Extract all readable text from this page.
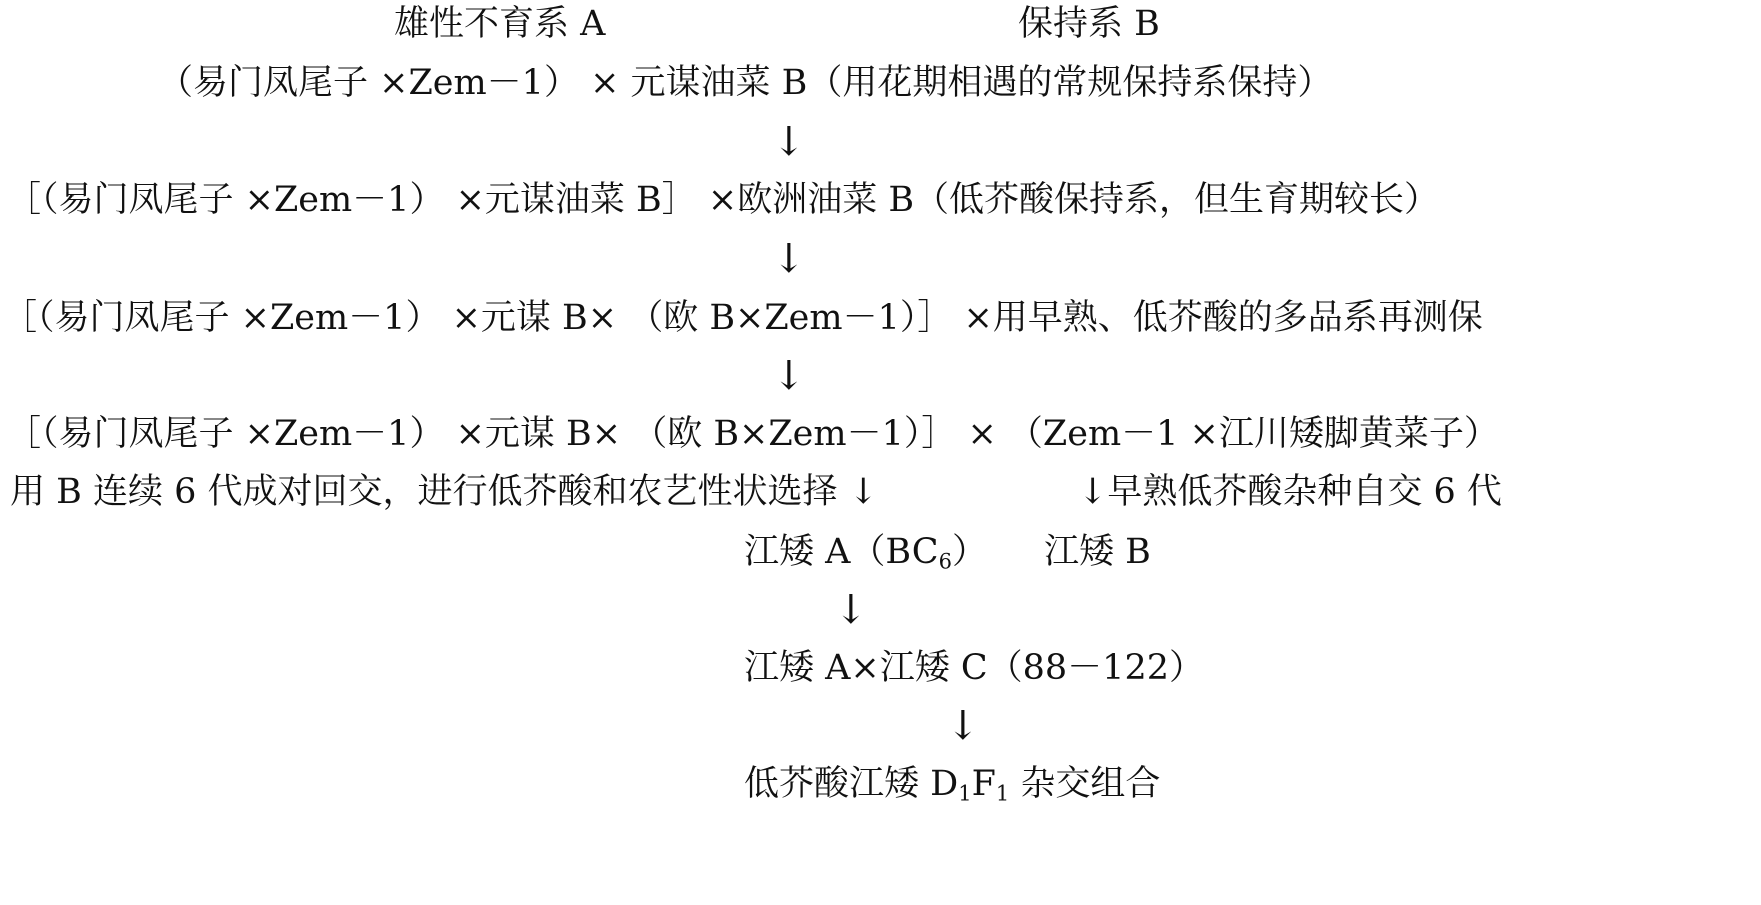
雄性不育系 A	保持系 B
（易门凤尾子 ×Zem－1） × 元谋油菜 B（用花期相遇的常规保持系保持）
↓
［（易门凤尾子 ×Zem－1） ×元谋油菜 B］ ×欧洲油菜 B（低芥酸保持系，但生育期较长）
↓
［（易门凤尾子 ×Zem－1） ×元谋 B× （欧 B×Zem－1）］ ×用早熟、低芥酸的多品系再测保
↓
［（易门凤尾子 ×Zem－1） ×元谋 B× （欧 B×Zem－1）］ × （Zem－1 ×江川矮脚黄菜子）
用 B 连续 6 代成对回交，进行低芥酸和农艺性状选择 ↓	↓早熟低芥酸杂种自交 6 代
江矮 $A(BC_6)$ 江矮 B
↓
江矮 A×江矮 C（88－122）
↓
低芥酸江矮 $D_1F_1$ 杂交组合
